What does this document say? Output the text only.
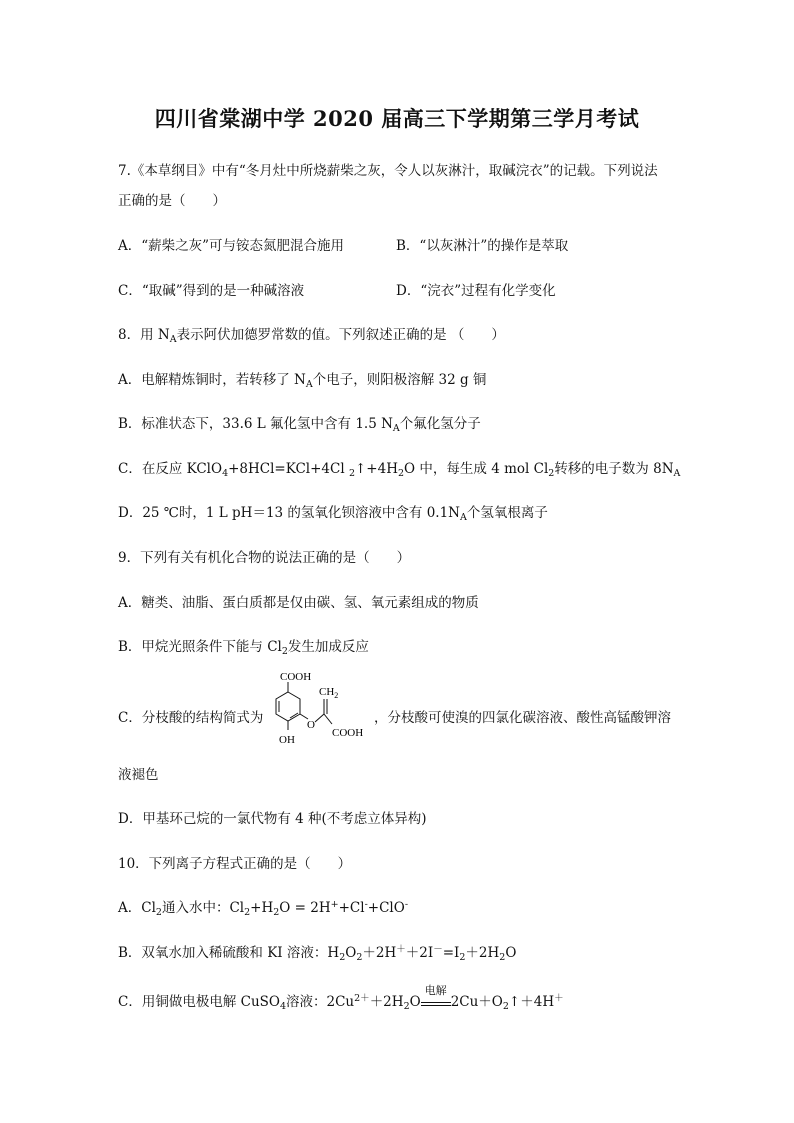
四川省棠湖中学 2020 届高三下学期第三学月考试
7.《本草纲目》中有“冬月灶中所烧薪柴之灰，令人以灰淋汁，取碱浣衣”的记载。下列说法
正确的是（　　）
A．“薪柴之灰”可与铵态氮肥混合施用	B．“以灰淋汁”的操作是萃取
C．“取碱”得到的是一种碱溶液	D．“浣衣”过程有化学变化
8．用 $N_A$表示阿伏加德罗常数的值。下列叙述正确的是 （　　）
A．电解精炼铜时，若转移了 $N_A$个电子，则阳极溶解 32 g 铜
B．标准状态下，33.6 L 氟化氢中含有 1.5 $N_A$个氟化氢分子
C．在反应 KClO$_4$+8HCl=KCl+4Cl $_2↑+4H_2O$ 中，每生成 4 mol $Cl_2$转移的电子数为 $8N_A$
D．25 ℃时，1 L pH＝13 的氢氧化钡溶液中含有 $0.1N_A$个氢氧根离子
9．下列有关有机化合物的说法正确的是（　　）
A．糖类、油脂、蛋白质都是仅由碳、氢、氧元素组成的物质
B．甲烷光照条件下能与 $Cl_2$发生加成反应
C．分枝酸的结构简式为
COOH
OH
O
$CH_2$
COOH
，分枝酸可使溴的四氯化碳溶液、酸性高锰酸钾溶
液褪色
D．甲基环己烷的一氯代物有 4 种(不考虑立体异构)
10．下列离子方程式正确的是（　　）
A．$Cl_2$通入水中：$Cl_2+H_2O = 2H^++Cl^-+ClO^-$
B．双氧水加入稀硫酸和 KI 溶液：$H_2O_2+2H^++2I^-=I_2+2H_2O$
C．用铜做电极电解 CuSO$_4$溶液：$2Cu^{2+}+2H_2O$
电解
$2Cu+O_2↑+4H^+$
